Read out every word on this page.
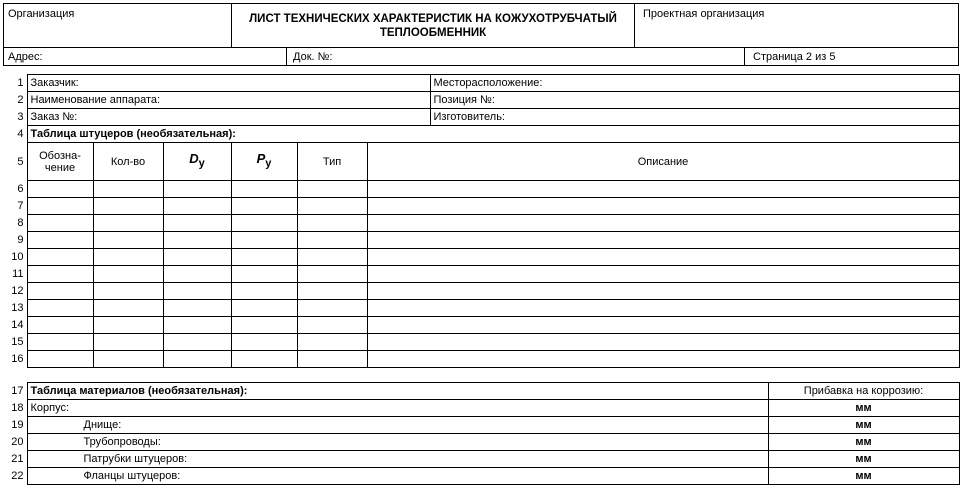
Организация	ЛИСТ ТЕХНИЧЕСКИХ ХАРАКТЕРИСТИК НА КОЖУХОТРУБЧАТЫЙ
ТЕПЛООБМЕННИК
Проектная организация
Адрес:	Док. №:	Страница 2 из 5
1	Заказчик:	Месторасположение:
2	Наименование аппарата:	Позиция №:
3	Заказ №:	Изготовитель:
4	Таблица штуцеров (необязательная):	
5	Обозна-
чение	Кол-во	$D_у$	$P_у$	Тип	Описание
6						
7						
8						
9						
10						
11						
12						
13						
14						
15						
16						
17	Таблица материалов (необязательная):	Прибавка на коррозию:
18	Корпус:	мм
19	Днище:	мм
20	Трубопроводы:	мм
21	Патрубки штуцеров:	мм
22	Фланцы штуцеров:	мм
